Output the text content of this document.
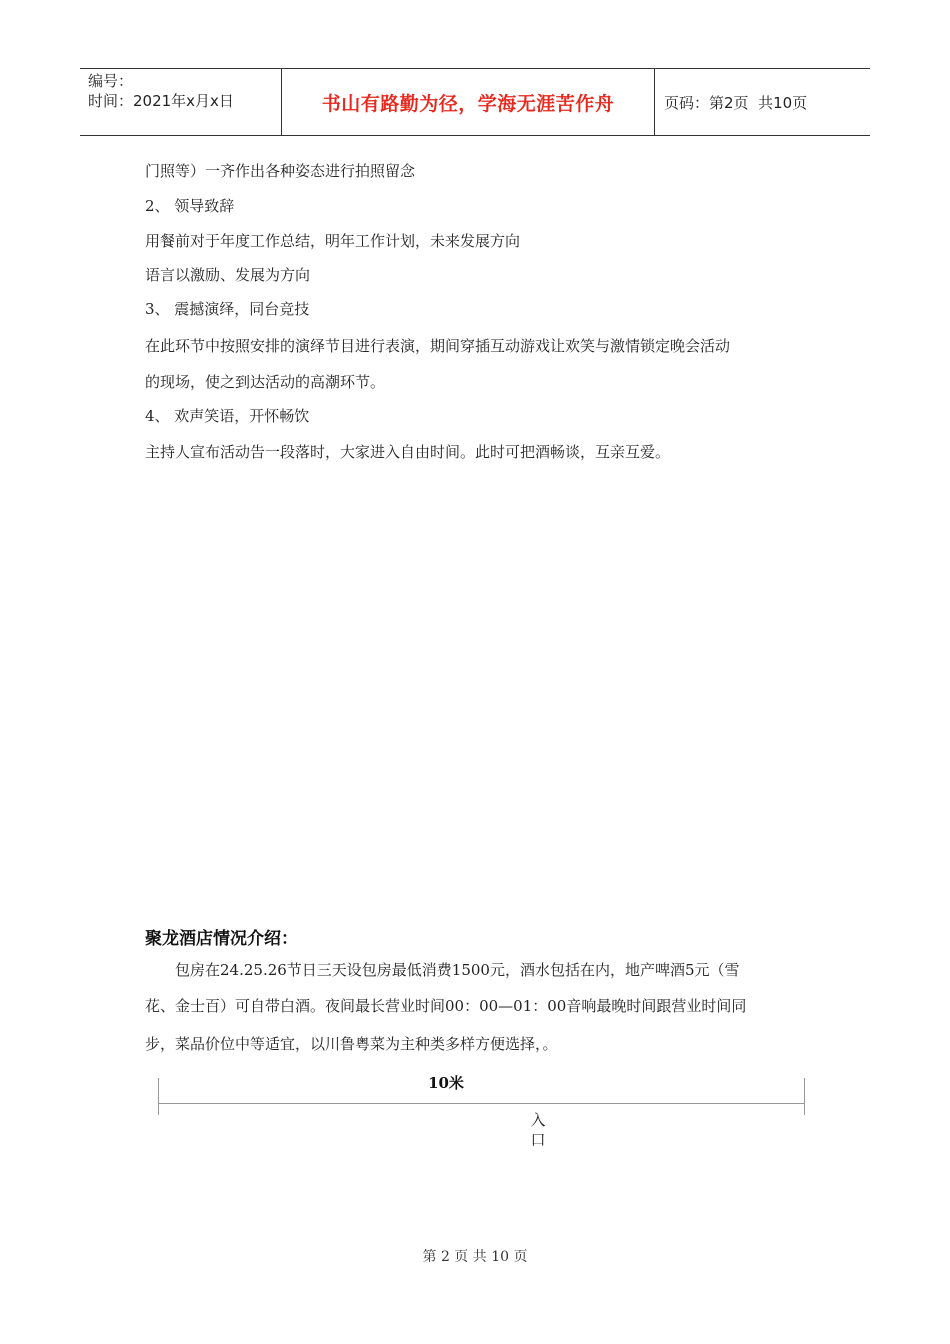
编号：
时间：2021年x月x日	书山有路勤为径，学海无涯苦作舟	页码：第2页  共10页
门照等）一齐作出各种姿态进行拍照留念
2、 领导致辞
用餐前对于年度工作总结，明年工作计划，未来发展方向
语言以激励、发展为方向
3、 震撼演绎，同台竞技
在此环节中按照安排的演绎节目进行表演，期间穿插互动游戏让欢笑与激情锁定晚会活动
的现场，使之到达活动的高潮环节。
4、 欢声笑语，开怀畅饮
主持人宣布活动告一段落时，大家进入自由时间。此时可把酒畅谈，互亲互爱。
聚龙酒店情况介绍：
　　包房在24.25.26节日三天设包房最低消费1500元，酒水包括在内，地产啤酒5元（雪
花、金士百）可自带白酒。夜间最长营业时间00：00—01：00音响最晚时间跟营业时间同
步，菜品价位中等适宜，以川鲁粤菜为主种类多样方便选择，。
10米
入
口
第 2 页 共 10 页
